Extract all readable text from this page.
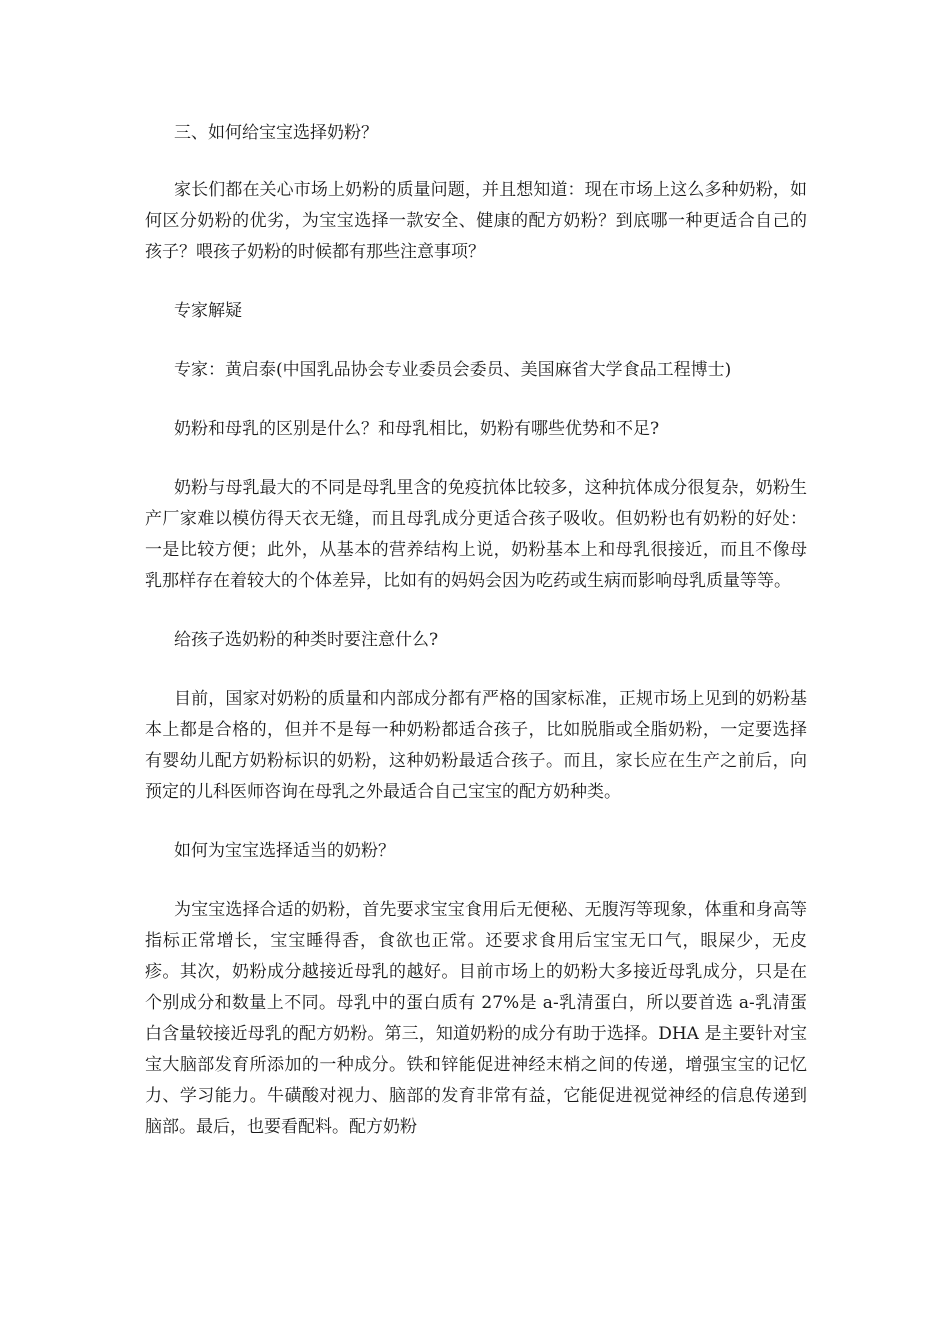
三、如何给宝宝选择奶粉？

家长们都在关心市场上奶粉的质量问题，并且想知道：现在市场上这么多种奶粉，如何区分奶粉的优劣，为宝宝选择一款安全、健康的配方奶粉？到底哪一种更适合自己的孩子？喂孩子奶粉的时候都有那些注意事项？

专家解疑

专家：黄启泰(中国乳品协会专业委员会委员、美国麻省大学食品工程博士)

奶粉和母乳的区别是什么？和母乳相比，奶粉有哪些优势和不足?

奶粉与母乳最大的不同是母乳里含的免疫抗体比较多，这种抗体成分很复杂，奶粉生产厂家难以模仿得天衣无缝，而且母乳成分更适合孩子吸收。但奶粉也有奶粉的好处：一是比较方便；此外，从基本的营养结构上说，奶粉基本上和母乳很接近，而且不像母乳那样存在着较大的个体差异，比如有的妈妈会因为吃药或生病而影响母乳质量等等。

给孩子选奶粉的种类时要注意什么?

目前，国家对奶粉的质量和内部成分都有严格的国家标准，正规市场上见到的奶粉基本上都是合格的，但并不是每一种奶粉都适合孩子，比如脱脂或全脂奶粉，一定要选择有婴幼儿配方奶粉标识的奶粉，这种奶粉最适合孩子。而且，家长应在生产之前后，向预定的儿科医师咨询在母乳之外最适合自己宝宝的配方奶种类。

如何为宝宝选择适当的奶粉？

为宝宝选择合适的奶粉，首先要求宝宝食用后无便秘、无腹泻等现象，体重和身高等指标正常增长，宝宝睡得香，食欲也正常。还要求食用后宝宝无口气，眼屎少，无皮疹。其次，奶粉成分越接近母乳的越好。目前市场上的奶粉大多接近母乳成分，只是在个别成分和数量上不同。母乳中的蛋白质有 27%是 a-乳清蛋白，所以要首选 a-乳清蛋白含量较接近母乳的配方奶粉。第三，知道奶粉的成分有助于选择。DHA 是主要针对宝宝大脑部发育所添加的一种成分。铁和锌能促进神经末梢之间的传递，增强宝宝的记忆力、学习能力。牛磺酸对视力、脑部的发育非常有益，它能促进视觉神经的信息传递到脑部。最后，也要看配料。配方奶粉
